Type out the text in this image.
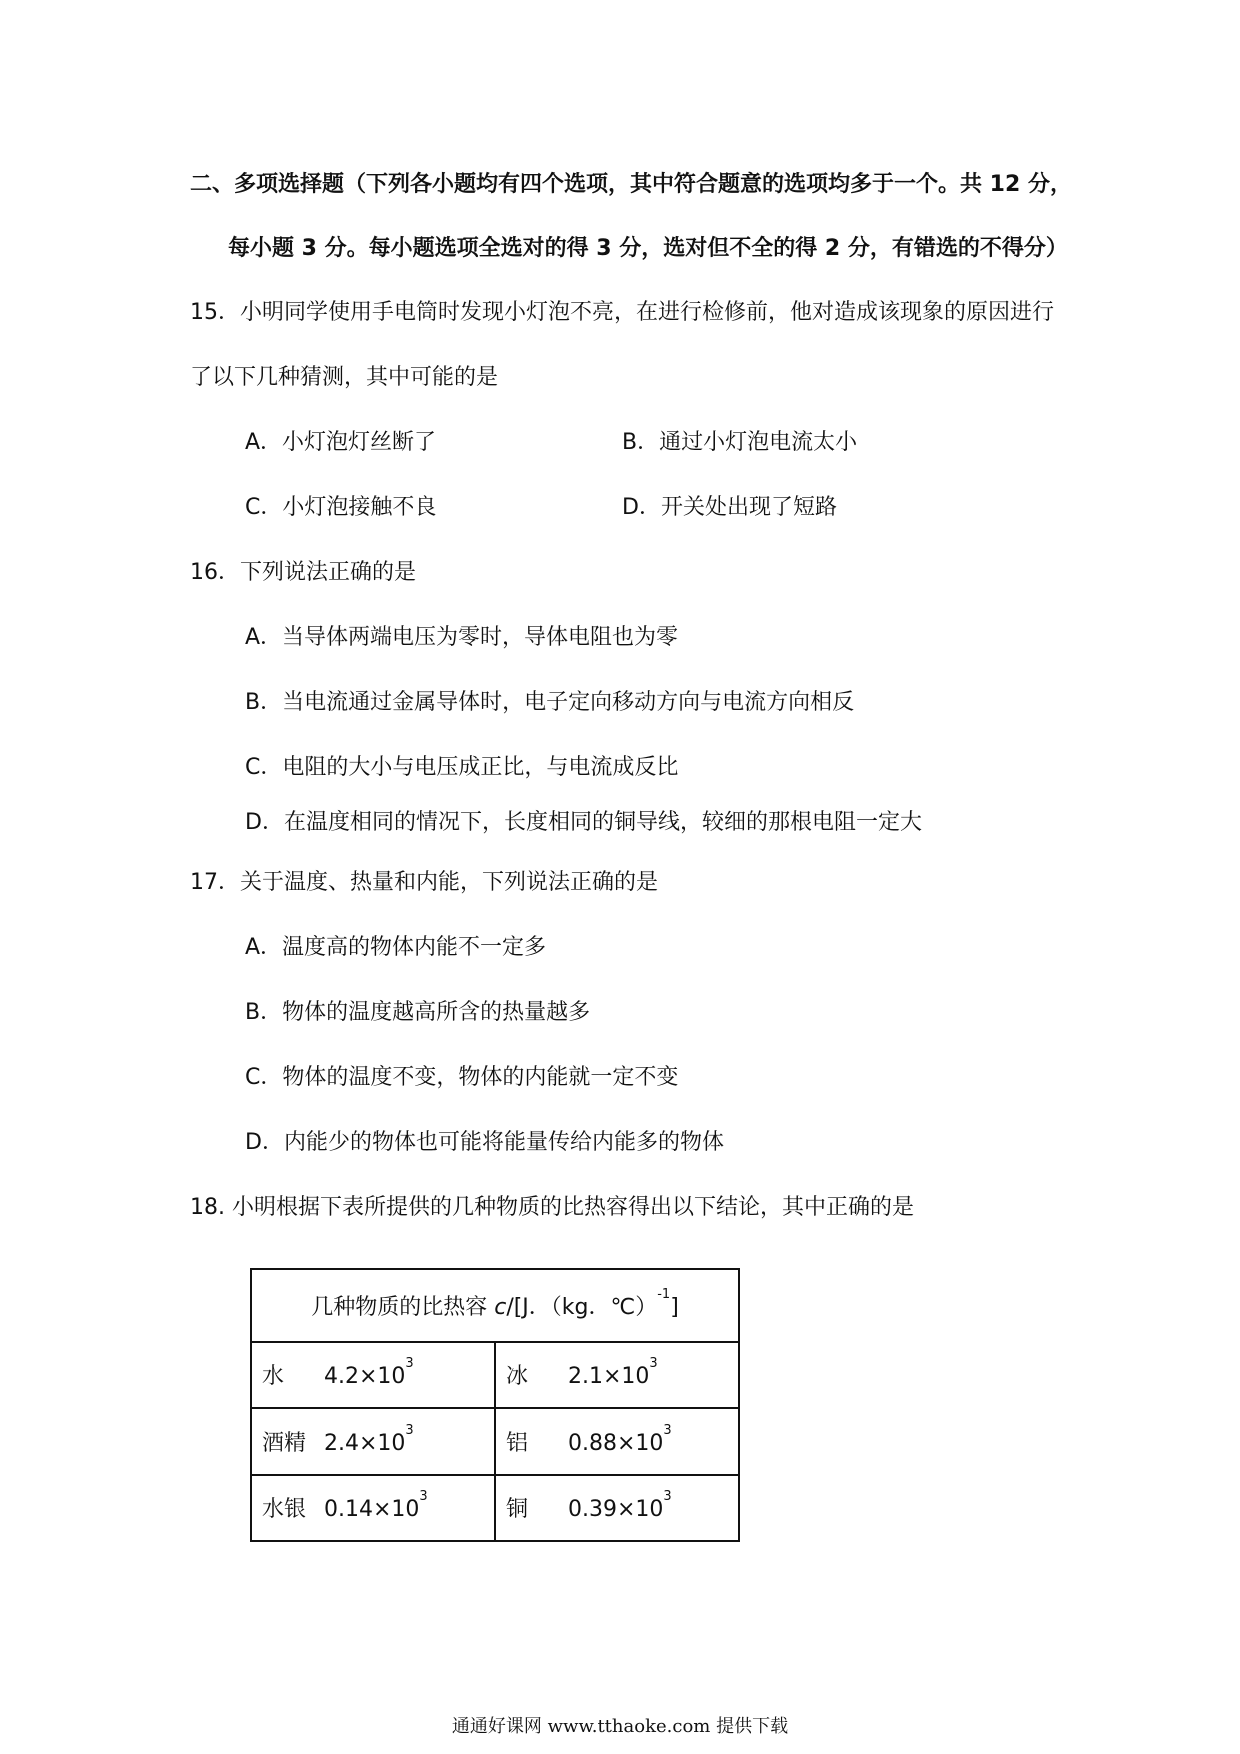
二、多项选择题（下列各小题均有四个选项，其中符合题意的选项均多于一个。共 12 分，
每小题 3 分。每小题选项全选对的得 3 分，选对但不全的得 2 分，有错选的不得分）
15．小明同学使用手电筒时发现小灯泡不亮，在进行检修前，他对造成该现象的原因进行
了以下几种猜测，其中可能的是
A．小灯泡灯丝断了	B．通过小灯泡电流太小
C．小灯泡接触不良	D．开关处出现了短路
16．下列说法正确的是
A．当导体两端电压为零时，导体电阻也为零
B．当电流通过金属导体时，电子定向移动方向与电流方向相反
C．电阻的大小与电压成正比，与电流成反比
D．在温度相同的情况下，长度相同的铜导线，较细的那根电阻一定大
17．关于温度、热量和内能，下列说法正确的是
A．温度高的物体内能不一定多
B．物体的温度越高所含的热量越多
C．物体的温度不变，物体的内能就一定不变
D．内能少的物体也可能将能量传给内能多的物体
18. 小明根据下表所提供的几种物质的比热容得出以下结论，其中正确的是
几种物质的比热容 c/[J．（kg．℃）$^{-1}$]	
水 $4.2\times 10^3$	冰 $2.1\times 10^3$
酒精 $2.4\times 10^3$	铝 $0.88\times 10^3$
水银 $0.14\times 10^3$	铜 $0.39\times 10^3$
通通好课网 www.tthaoke.com 提供下载
